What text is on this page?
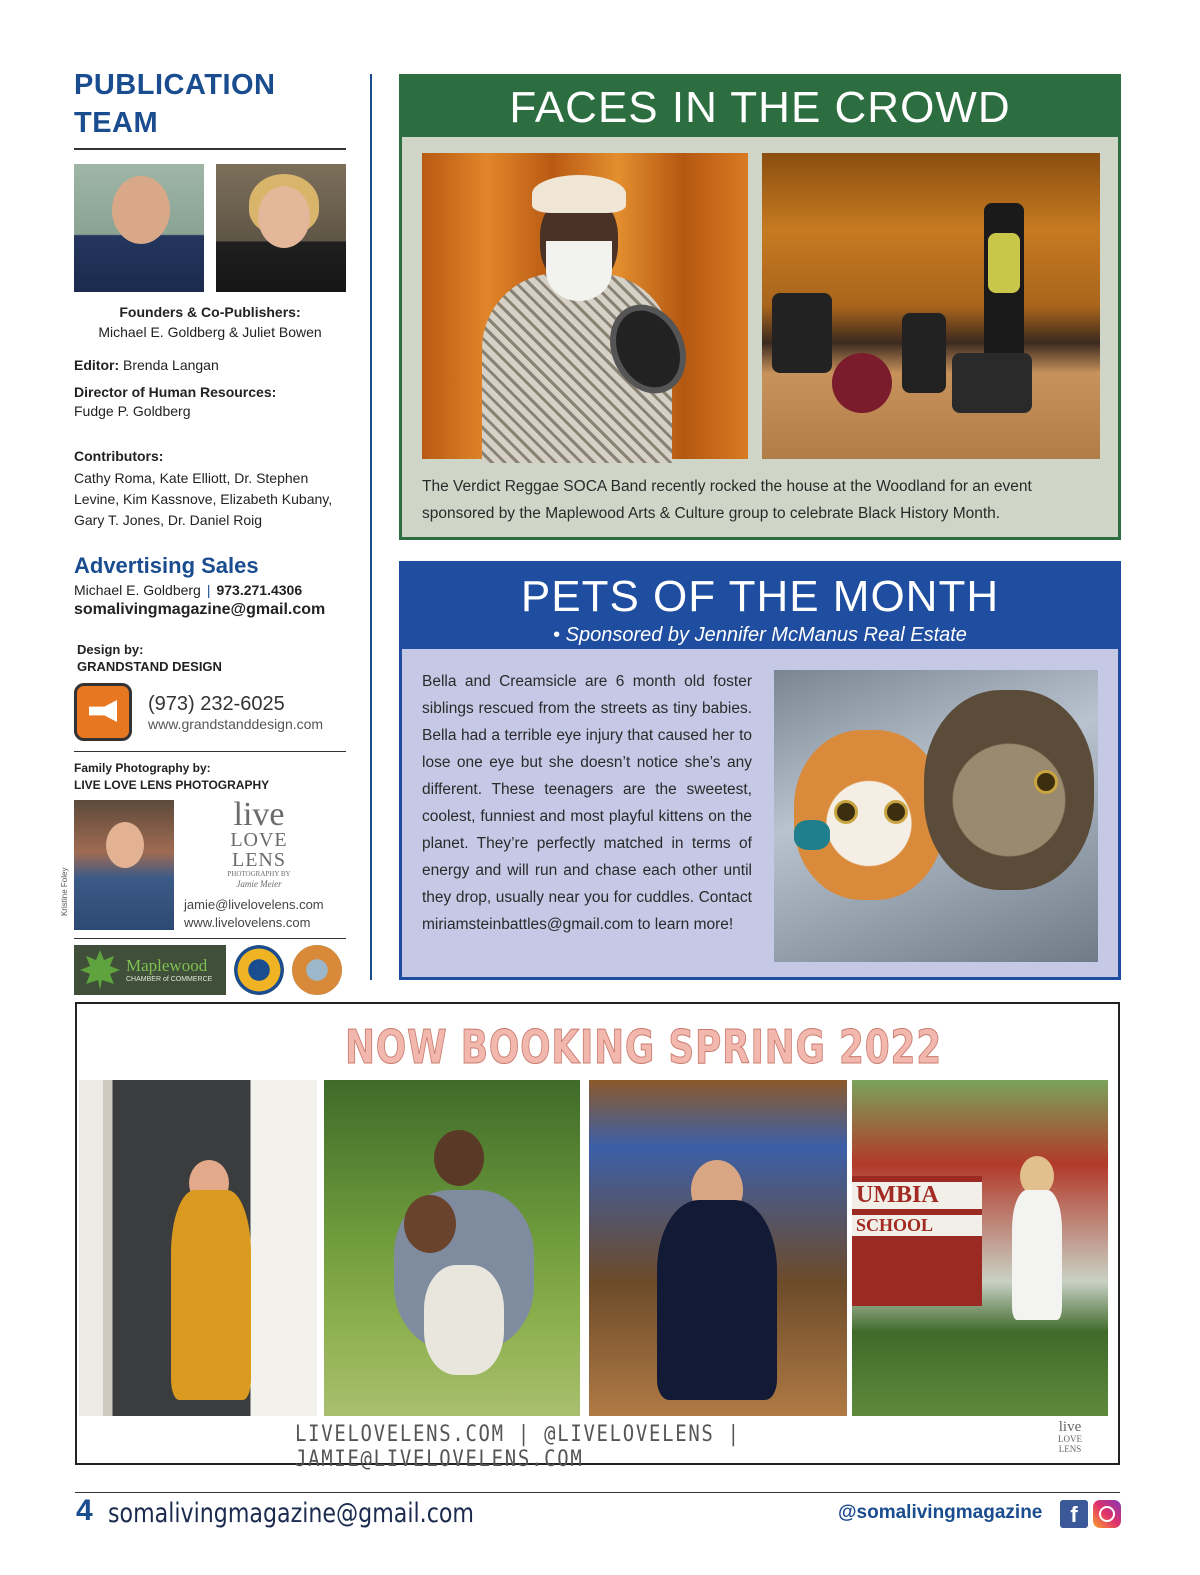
PUBLICATION TEAM
Founders & Co-Publishers:
Michael E. Goldberg & Juliet Bowen
Editor: Brenda Langan
Director of Human Resources:
Fudge P. Goldberg
Contributors:
Cathy Roma, Kate Elliott, Dr. Stephen
Levine, Kim Kassnove, Elizabeth Kubany,
Gary T. Jones, Dr. Daniel Roig
Advertising Sales
Michael E. Goldberg | 973.271.4306
somalivingmagazine@gmail.com
Design by:
GRANDSTAND DESIGN
(973) 232-6025
www.grandstanddesign.com
Family Photography by:
LIVE LOVE LENS PHOTOGRAPHY
Kristine Foley
live
LOVE
LENS
PHOTOGRAPHY BY
Jamie Meier
jamie@livelovelens.com
www.livelovelens.com
Maplewood
CHAMBER of COMMERCE
FACES IN THE CROWD
The Verdict Reggae SOCA Band recently rocked the house at the Woodland for an event sponsored by the Maplewood Arts & Culture group to celebrate Black History Month.
PETS OF THE MONTH
• Sponsored by Jennifer McManus Real Estate
Bella and Creamsicle are 6 month old foster siblings rescued from the streets as tiny babies. Bella had a terrible eye injury that caused her to lose one eye but she doesn’t notice she’s any different. These teenagers are the sweetest, coolest, funniest and most playful kittens on the planet. They’re perfectly matched in terms of energy and will run and chase each other until they drop, usually near you for cuddles. Contact miriamsteinbattles@gmail.com to learn more!
NOW BOOKING SPRING 2022
UMBIA
SCHOOL
LIVELOVELENS.COM | @LIVELOVELENS | JAMIE@LIVELOVELENS.COM
live
LOVE
LENS
4 somalivingmagazine@gmail.com	@somalivingmagazine	f
